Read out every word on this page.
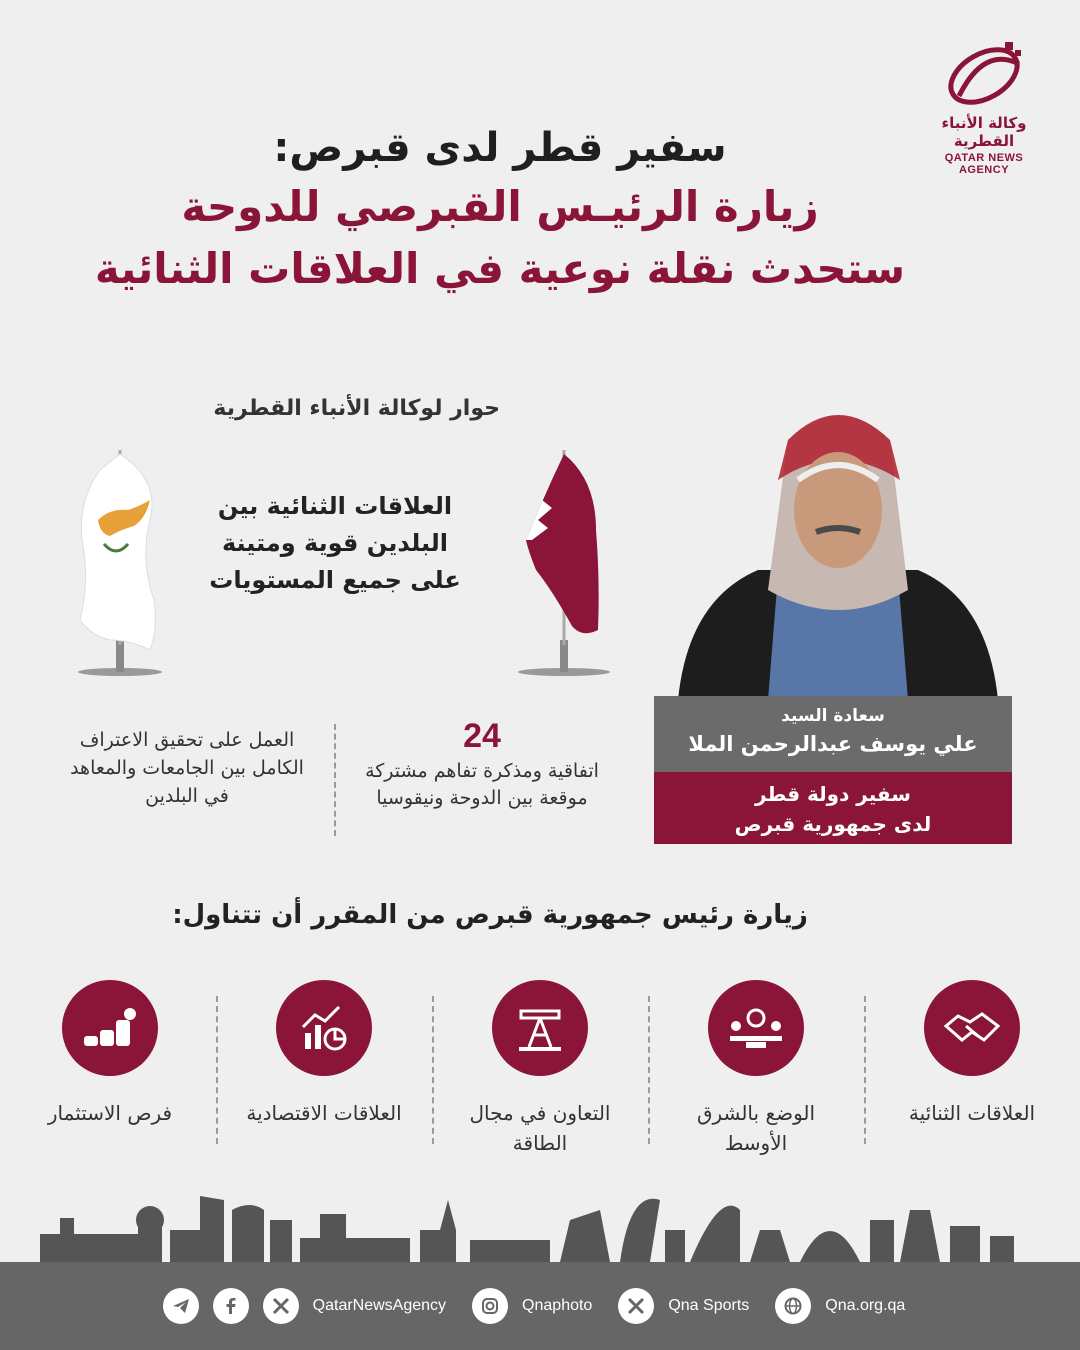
وكالة الأنباء القطرية
QATAR NEWS AGENCY
سفير قطر لدى قبرص:
زيارة الرئيـس القبرصي للدوحة
ستحدث نقلة نوعية في العلاقات الثنائية
حوار لوكالة الأنباء القطرية
العلاقات الثنائية بين البلدين قوية ومتينة على جميع المستويات
سعادة السيد
علي يوسف عبدالرحمن الملا
سفير دولة قطر
لدى جمهورية قبرص
24
اتفاقية ومذكرة تفاهم مشتركة موقعة بين الدوحة ونيقوسيا
العمل على تحقيق الاعتراف الكامل بين الجامعات والمعاهد في البلدين
زيارة رئيس جمهورية قبرص من المقرر أن تتناول:
العلاقات الثنائية
الوضع بالشرق الأوسط
التعاون في مجال الطاقة
العلاقات الاقتصادية
فرص الاستثمار
QatarNewsAgency	Qnaphoto	Qna Sports	Qna.org.qa
